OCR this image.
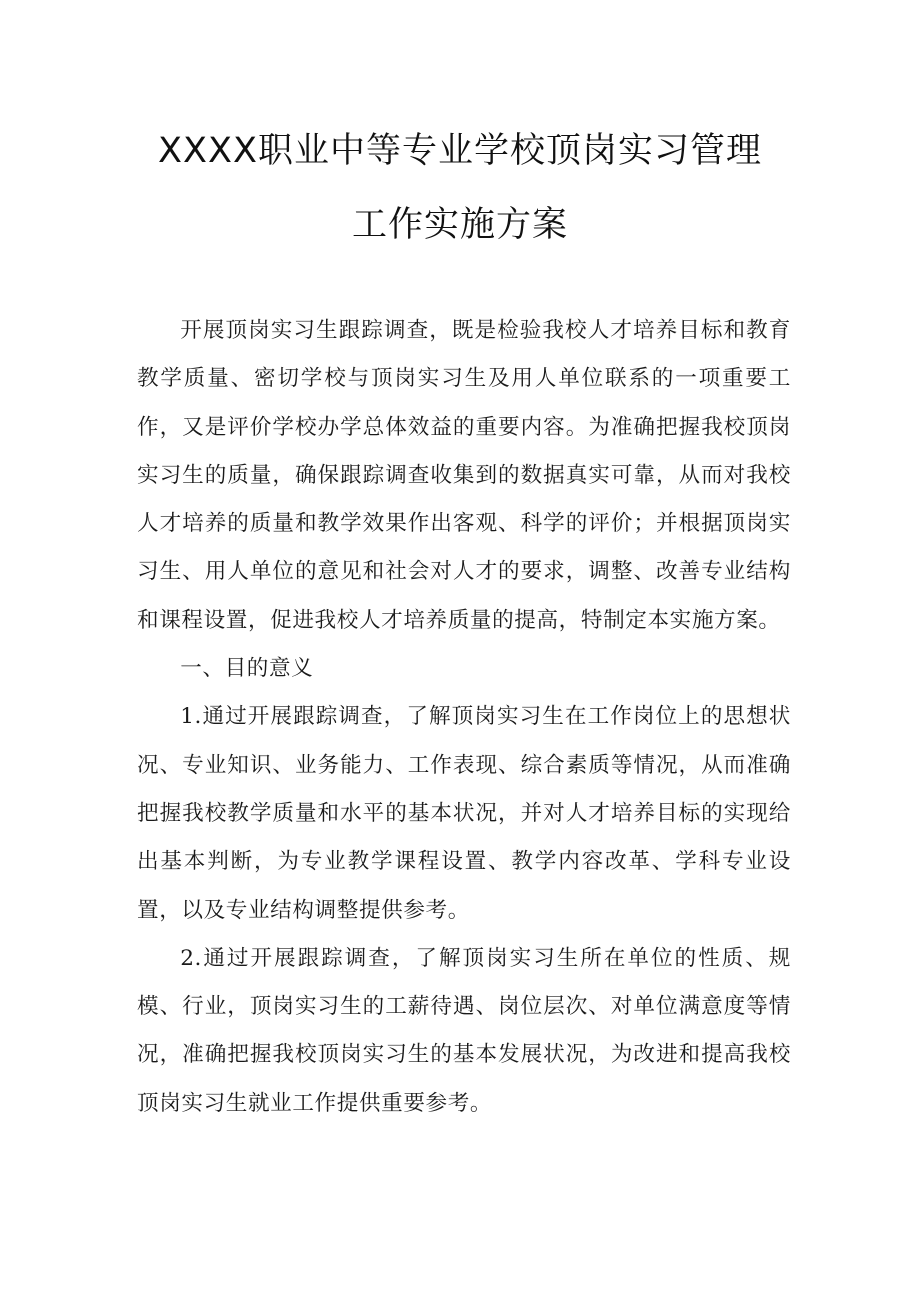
XXXX职业中等专业学校顶岗实习管理
工作实施方案

开展顶岗实习生跟踪调查，既是检验我校人才培养目标和教育教学质量、密切学校与顶岗实习生及用人单位联系的一项重要工作，又是评价学校办学总体效益的重要内容。为准确把握我校顶岗实习生的质量，确保跟踪调查收集到的数据真实可靠，从而对我校人才培养的质量和教学效果作出客观、科学的评价；并根据顶岗实习生、用人单位的意见和社会对人才的要求，调整、改善专业结构和课程设置，促进我校人才培养质量的提高，特制定本实施方案。

一、目的意义

1.通过开展跟踪调查，了解顶岗实习生在工作岗位上的思想状况、专业知识、业务能力、工作表现、综合素质等情况，从而准确把握我校教学质量和水平的基本状况，并对人才培养目标的实现给出基本判断，为专业教学课程设置、教学内容改革、学科专业设置，以及专业结构调整提供参考。

2.通过开展跟踪调查，了解顶岗实习生所在单位的性质、规模、行业，顶岗实习生的工薪待遇、岗位层次、对单位满意度等情况，准确把握我校顶岗实习生的基本发展状况，为改进和提高我校顶岗实习生就业工作提供重要参考。
